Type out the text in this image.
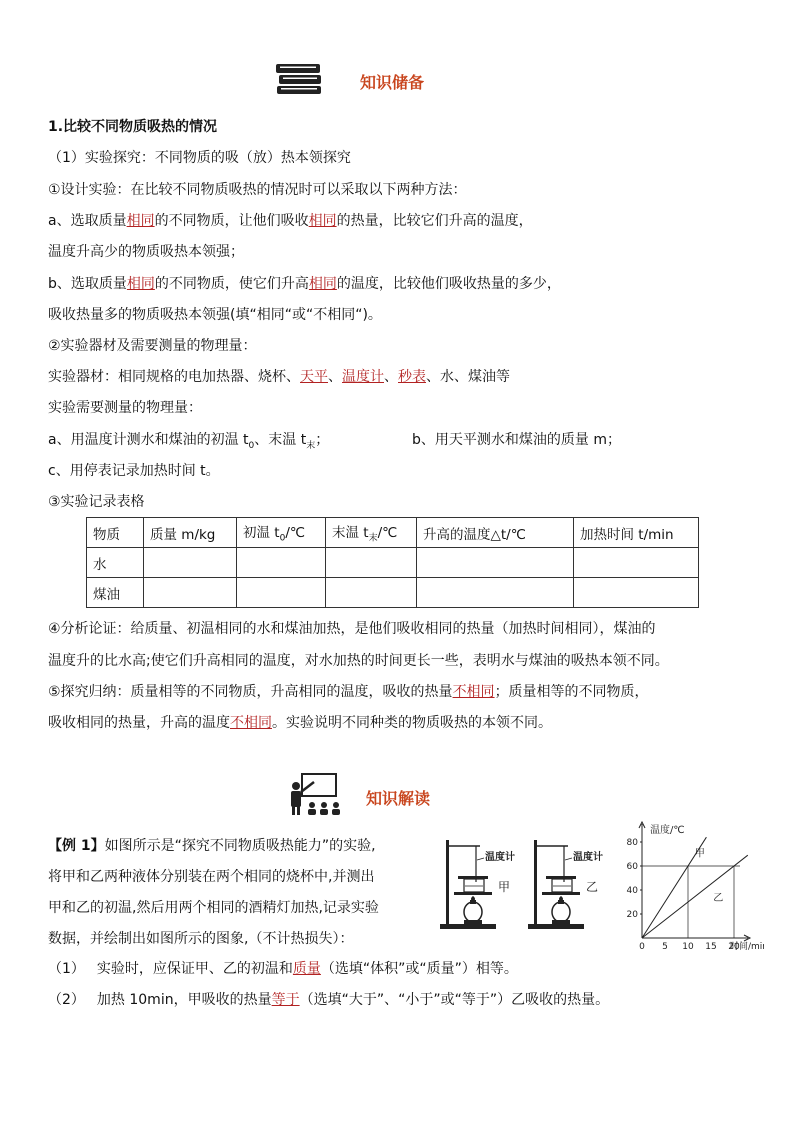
知识储备
1.比较不同物质吸热的情况
（1）实验探究：不同物质的吸（放）热本领探究
①设计实验：在比较不同物质吸热的情况时可以采取以下两种方法：
a、选取质量相同的不同物质，让他们吸收相同的热量，比较它们升高的温度，
温度升高少的物质吸热本领强；
b、选取质量相同的不同物质，使它们升高相同的温度，比较他们吸收热量的多少，
吸收热量多的物质吸热本领强(填“相同“或“不相同“)。
②实验器材及需要测量的物理量：
实验器材：相同规格的电加热器、烧杯、天平、温度计、秒表、水、煤油等
实验需要测量的物理量：
a、用温度计测水和煤油的初温 $t_0$、末温 $t_末$；	b、用天平测水和煤油的质量 m；
c、用停表记录加热时间 t。
③实验记录表格
物质	质量 m/kg	初温 $t_0/℃$	末温 $t_末/℃$	升高的温度△t/℃	加热时间 t/min
水					
煤油					
④分析论证：给质量、初温相同的水和煤油加热，是他们吸收相同的热量（加热时间相同），煤油的
温度升的比水高;使它们升高相同的温度，对水加热的时间更长一些，表明水与煤油的吸热本领不同。
⑤探究归纳：质量相等的不同物质，升高相同的温度，吸收的热量不相同；质量相等的不同物质，
吸收相同的热量，升高的温度不相同。实验说明不同种类的物质吸热的本领不同。
知识解读
【例 1】如图所示是“探究不同物质吸热能力”的实验,
将甲和乙两种液体分别装在两个相同的烧杯中,并测出
甲和乙的初温,然后用两个相同的酒精灯加热,记录实验
数据，并绘制出如图所示的图象,（不计热损失）：
温度计
甲
温度计
乙
温度/℃
时间/mi
20
40
60
80
0 5 10 15 20
甲
乙
（1） 实验时，应保证甲、乙的初温和质量（选填“体积”或“质量”）相等。
（2） 加热 10min，甲吸收的热量等于（选填“大于”、“小于”或“等于”）乙吸收的热量。
